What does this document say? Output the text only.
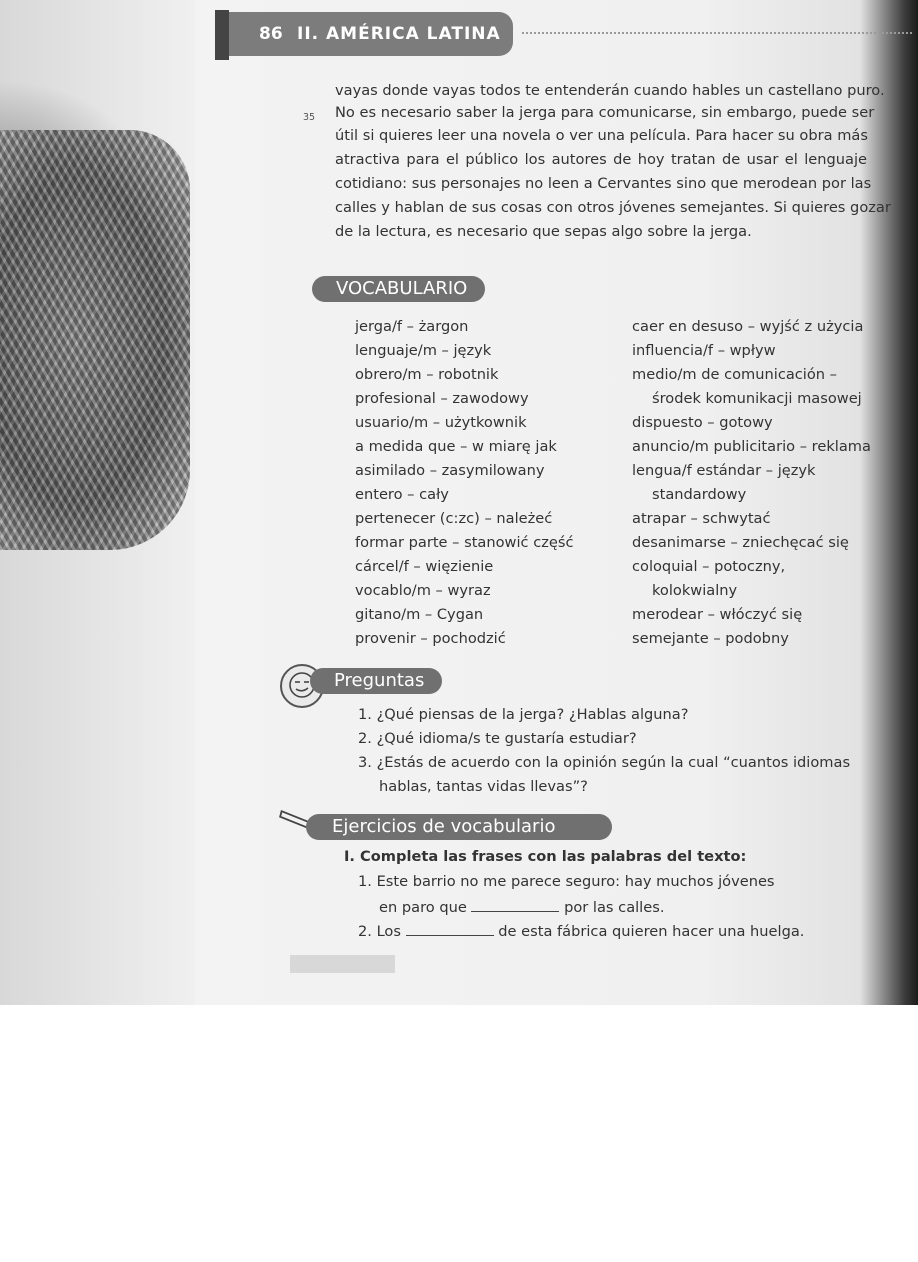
86 II. AMÉRICA LATINA
vayas donde vayas todos te entenderán cuando hables un castellano puro.
35 No es necesario saber la jerga para comunicarse, sin embargo, puede ser
útil si quieres leer una novela o ver una película. Para hacer su obra más
atractiva para el público los autores de hoy tratan de usar el lenguaje
cotidiano: sus personajes no leen a Cervantes sino que merodean por las
calles y hablan de sus cosas con otros jóvenes semejantes. Si quieres gozar
de la lectura, es necesario que sepas algo sobre la jerga.
VOCABULARIO
jerga/f – żargon
lenguaje/m – język
obrero/m – robotnik
profesional – zawodowy
usuario/m – użytkownik
a medida que – w miarę jak
asimilado – zasymilowany
entero – cały
pertenecer (c:zc) – należeć
formar parte – stanowić część
cárcel/f – więzienie
vocablo/m – wyraz
gitano/m – Cygan
provenir – pochodzić
caer en desuso – wyjść z użycia
influencia/f – wpływ
medio/m de comunicación –
środek komunikacji masowej
dispuesto – gotowy
anuncio/m publicitario – reklama
lengua/f estándar – język
standardowy
atrapar – schwytać
desanimarse – zniechęcać się
coloquial – potoczny,
kolokwialny
merodear – włóczyć się
semejante – podobny
Preguntas
1. ¿Qué piensas de la jerga? ¿Hablas alguna?
2. ¿Qué idioma/s te gustaría estudiar?
3. ¿Estás de acuerdo con la opinión según la cual “cuantos idiomas
hablas, tantas vidas llevas”?
Ejercicios de vocabulario
I. Completa las frases con las palabras del texto:
1. Este barrio no me parece seguro: hay muchos jóvenes
en paro que	por las calles.
2. Los	de esta fábrica quieren hacer una huelga.
